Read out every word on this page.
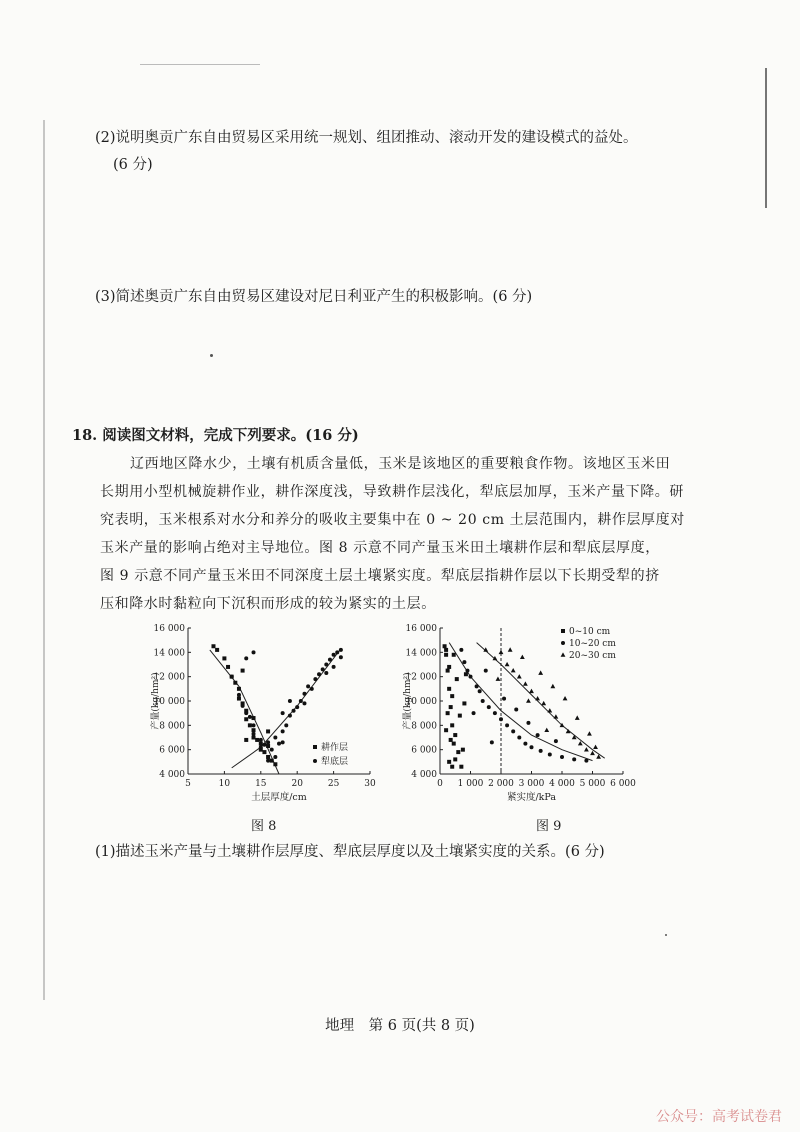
(2)说明奥贡广东自由贸易区采用统一规划、组团推动、滚动开发的建设模式的益处。
(6 分)
(3)简述奥贡广东自由贸易区建设对尼日利亚产生的积极影响。(6 分)
18. 阅读图文材料，完成下列要求。(16 分)
辽西地区降水少，土壤有机质含量低，玉米是该地区的重要粮食作物。该地区玉米田
长期用小型机械旋耕作业，耕作深度浅，导致耕作层浅化，犁底层加厚，玉米产量下降。研
究表明，玉米根系对水分和养分的吸收主要集中在 0 ~ 20 cm 土层范围内，耕作层厚度对
玉米产量的影响占绝对主导地位。图 8 示意不同产量玉米田土壤耕作层和犁底层厚度，
图 9 示意不同产量玉米田不同深度土层土壤紧实度。犁底层指耕作层以下长期受犁的挤
压和降水时黏粒向下沉积而形成的较为紧实的土层。
4 000
6 000
8 000
10 000
12 000
14 000
16 000
5	10	15	20	25	30
土层厚度/cm
产量(kg/hm²)
耕作层
犁底层
4 000
6 000
8 000
10 000
12 000
14 000
16 000
0 1 000 2 000 3 000 4 000 5 000 6 000
紧实度/kPa
产量(kg/hm²)
0~10 cm
10~20 cm
20~30 cm
图 8	图 9
(1)描述玉米产量与土壤耕作层厚度、犁底层厚度以及土壤紧实度的关系。(6 分)
地理　第 6 页(共 8 页)
公众号：高考试卷君
